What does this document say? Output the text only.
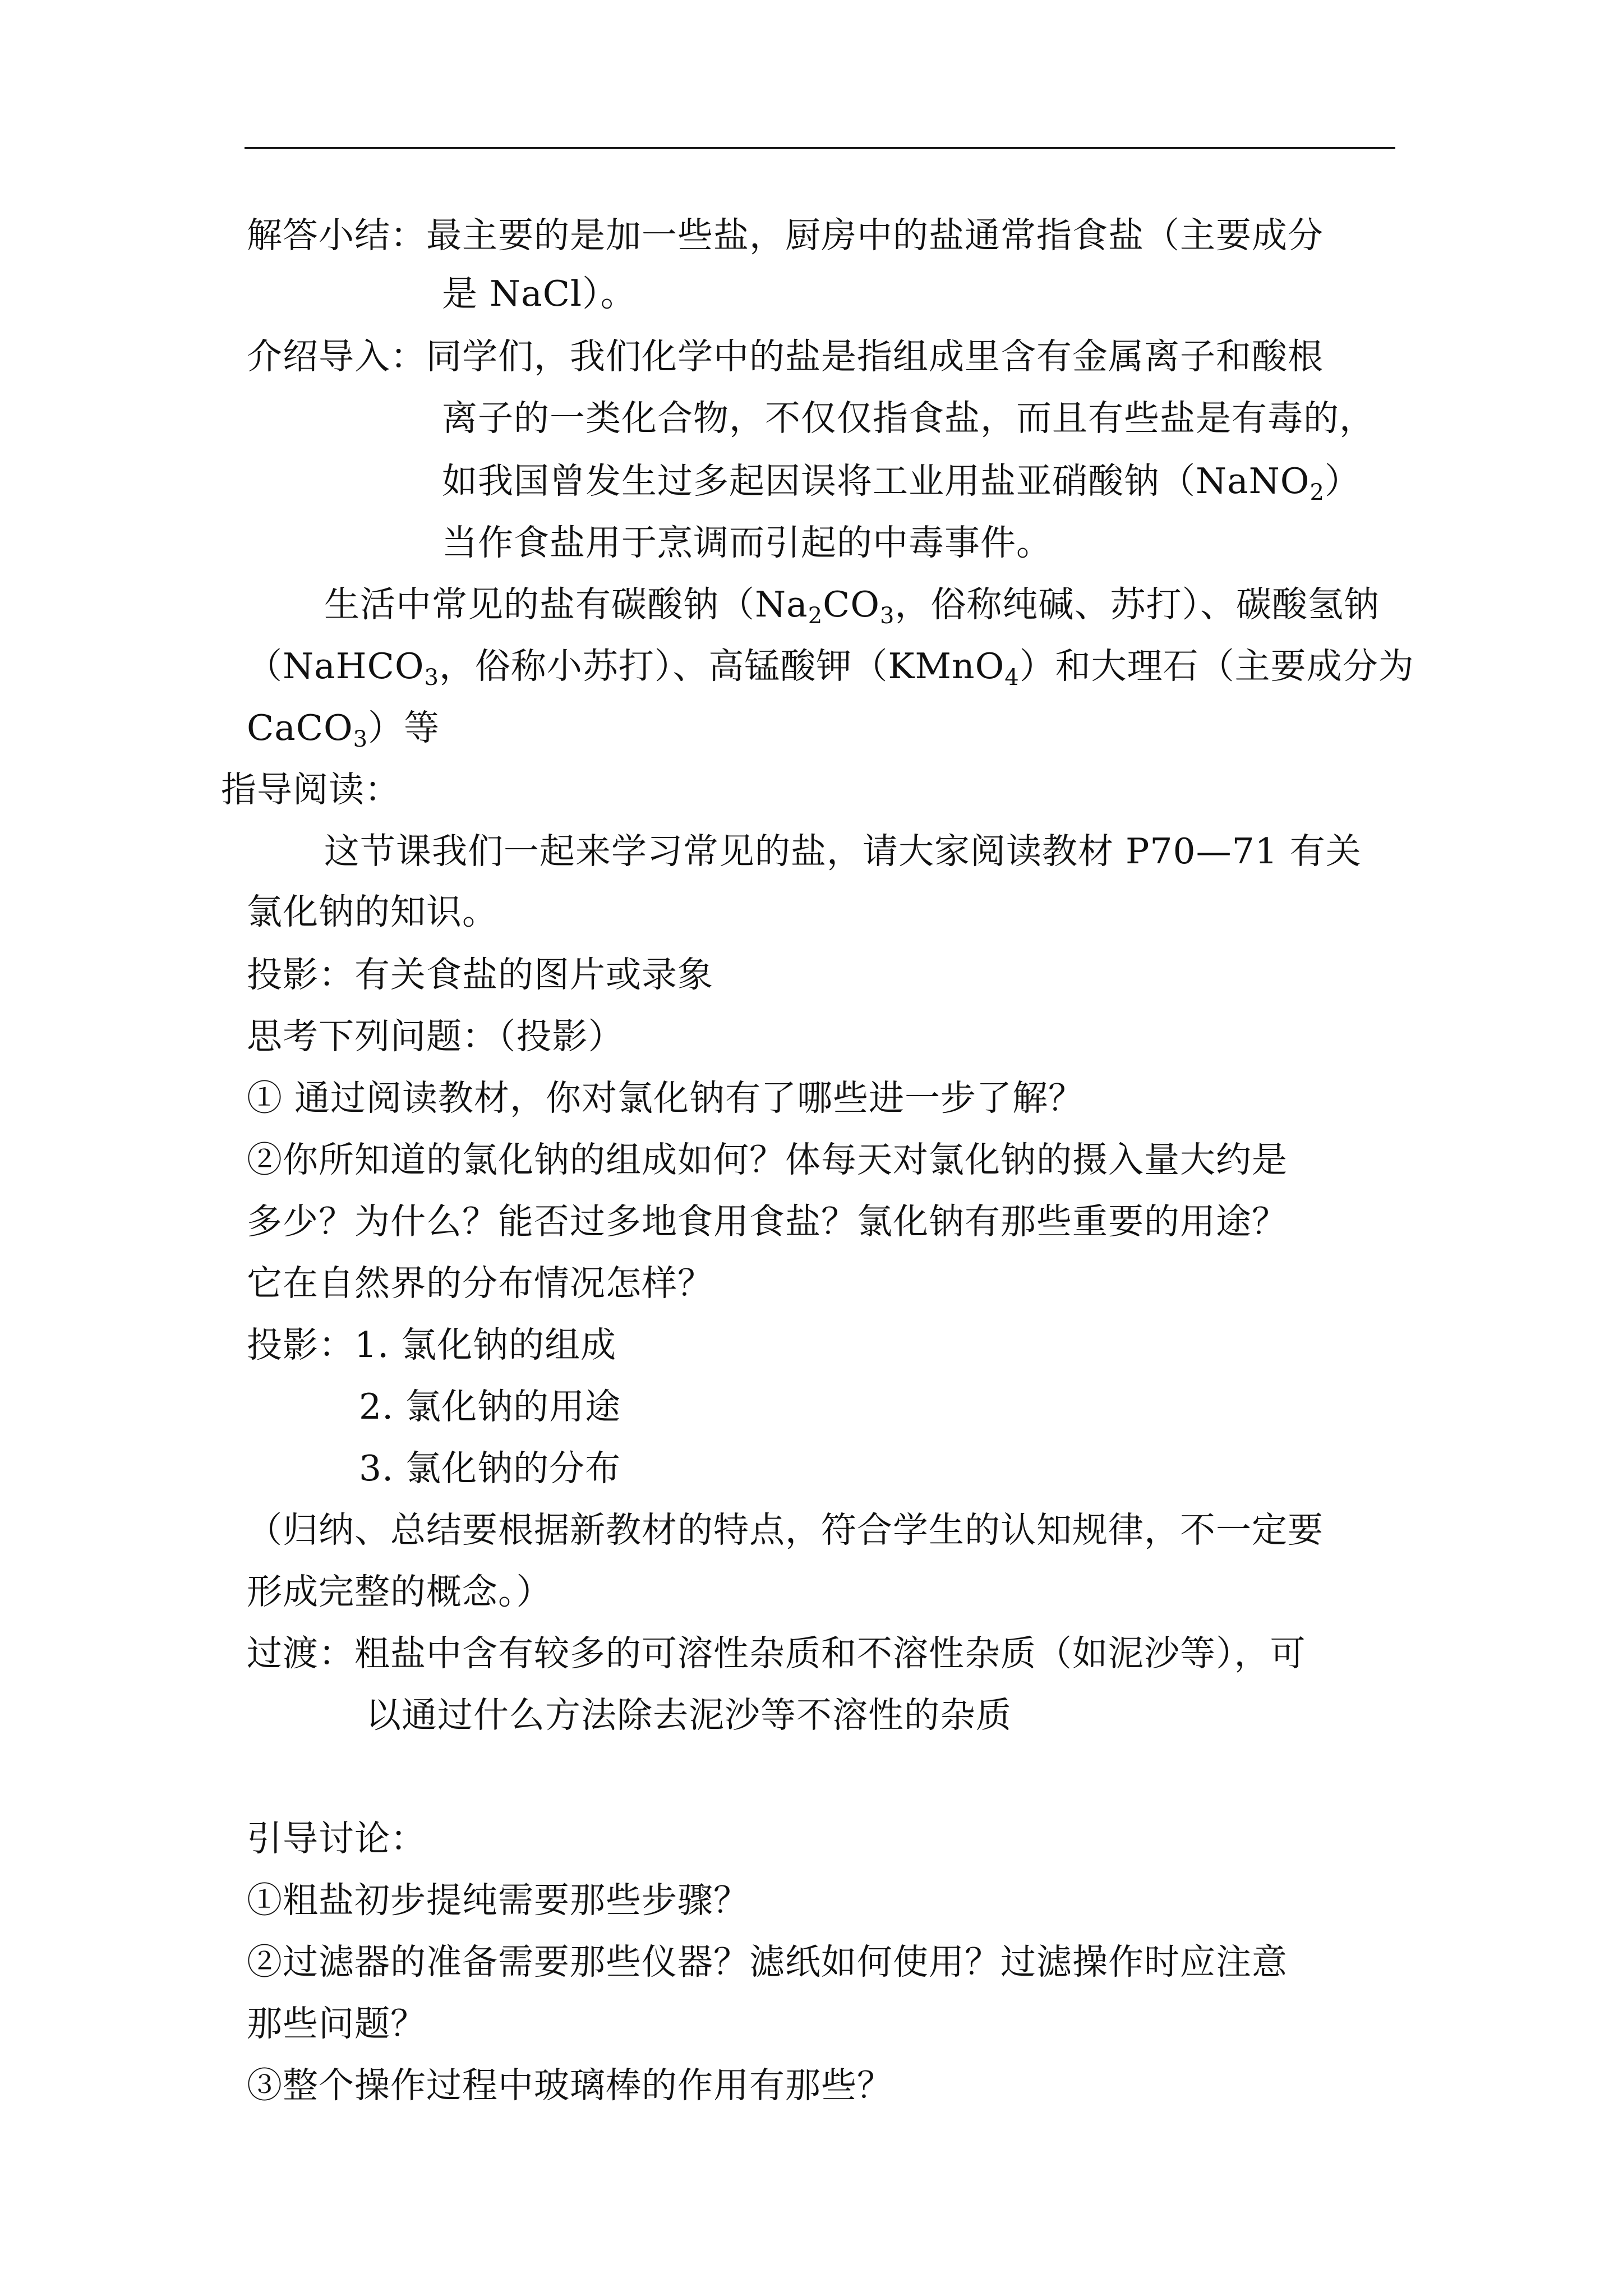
解答小结：最主要的是加一些盐，厨房中的盐通常指食盐（主要成分
是 NaCl）。
介绍导入：同学们，我们化学中的盐是指组成里含有金属离子和酸根
离子的一类化合物，不仅仅指食盐，而且有些盐是有毒的，
如我国曾发生过多起因误将工业用盐亚硝酸钠（NaNO$_2$）
当作食盐用于烹调而引起的中毒事件。
生活中常见的盐有碳酸钠（$Na_2CO_3$，俗称纯碱、苏打）、碳酸氢钠
（NaHCO$_3$，俗称小苏打）、高锰酸钾（KMnO$_4$）和大理石（主要成分为
CaCO$_3$）等
指导阅读：
这节课我们一起来学习常见的盐，请大家阅读教材 P70—71 有关
氯化钠的知识。
投影：有关食盐的图片或录象
思考下列问题：（投影）
① 通过阅读教材，你对氯化钠有了哪些进一步了解？
②你所知道的氯化钠的组成如何？体每天对氯化钠的摄入量大约是
多少？为什么？能否过多地食用食盐？氯化钠有那些重要的用途？
它在自然界的分布情况怎样？
投影：1. 氯化钠的组成
2. 氯化钠的用途
3. 氯化钠的分布
（归纳、总结要根据新教材的特点，符合学生的认知规律，不一定要
形成完整的概念。）
过渡：粗盐中含有较多的可溶性杂质和不溶性杂质（如泥沙等），可
以通过什么方法除去泥沙等不溶性的杂质
引导讨论：
①粗盐初步提纯需要那些步骤？
②过滤器的准备需要那些仪器？滤纸如何使用？过滤操作时应注意
那些问题？
③整个操作过程中玻璃棒的作用有那些？
